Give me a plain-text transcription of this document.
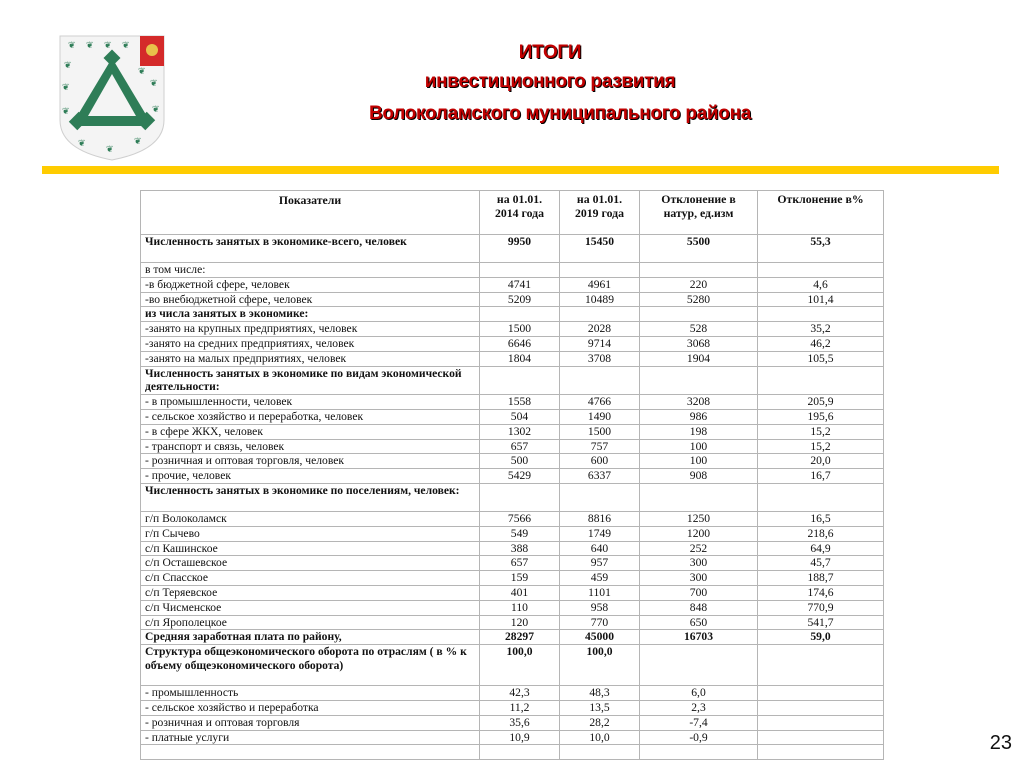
❦ ❦ ❦ ❦
❦
❦
❦
❦
❦	❦
❦
❦
❦
ИТОГИ
инвестиционного развития
Волоколамского муниципального района
Показатели	на 01.01. 2014 года	на 01.01. 2019 года	Отклонение в натур, ед.изм	Отклонение в%
Численность занятых в экономике-всего, человек	9950	15450	5500	55,3
в том числе:				
-в бюджетной сфере, человек	4741	4961	220	4,6
-во внебюджетной сфере, человек	5209	10489	5280	101,4
из числа занятых в экономике:				
-занято на крупных предприятиях, человек	1500	2028	528	35,2
-занято на средних предприятиях, человек	6646	9714	3068	46,2
-занято на малых предприятиях, человек	1804	3708	1904	105,5
Численность занятых в экономике по видам экономической деятельности:				
- в промышленности, человек	1558	4766	3208	205,9
- сельское хозяйство и переработка, человек	504	1490	986	195,6
- в сфере ЖКХ, человек	1302	1500	198	15,2
- транспорт и связь, человек	657	757	100	15,2
- розничная и оптовая торговля, человек	500	600	100	20,0
- прочие, человек	5429	6337	908	16,7
Численность занятых в экономике по поселениям, человек:				
г/п Волоколамск	7566	8816	1250	16,5
г/п Сычево	549	1749	1200	218,6
с/п Кашинское	388	640	252	64,9
с/п Осташевское	657	957	300	45,7
с/п Спасское	159	459	300	188,7
с/п Теряевское	401	1101	700	174,6
с/п Чисменское	110	958	848	770,9
с/п Ярополецкое	120	770	650	541,7
Средняя заработная плата по району,	28297	45000	16703	59,0
Структура общеэкономического оборота по отраслям ( в % к объему общеэкономического оборота)	100,0	100,0		
- промышленность	42,3	48,3	6,0	
- сельское хозяйство и переработка	11,2	13,5	2,3	
- розничная и оптовая торговля	35,6	28,2	-7,4	
- платные услуги	10,9	10,0	-0,9	
					23
